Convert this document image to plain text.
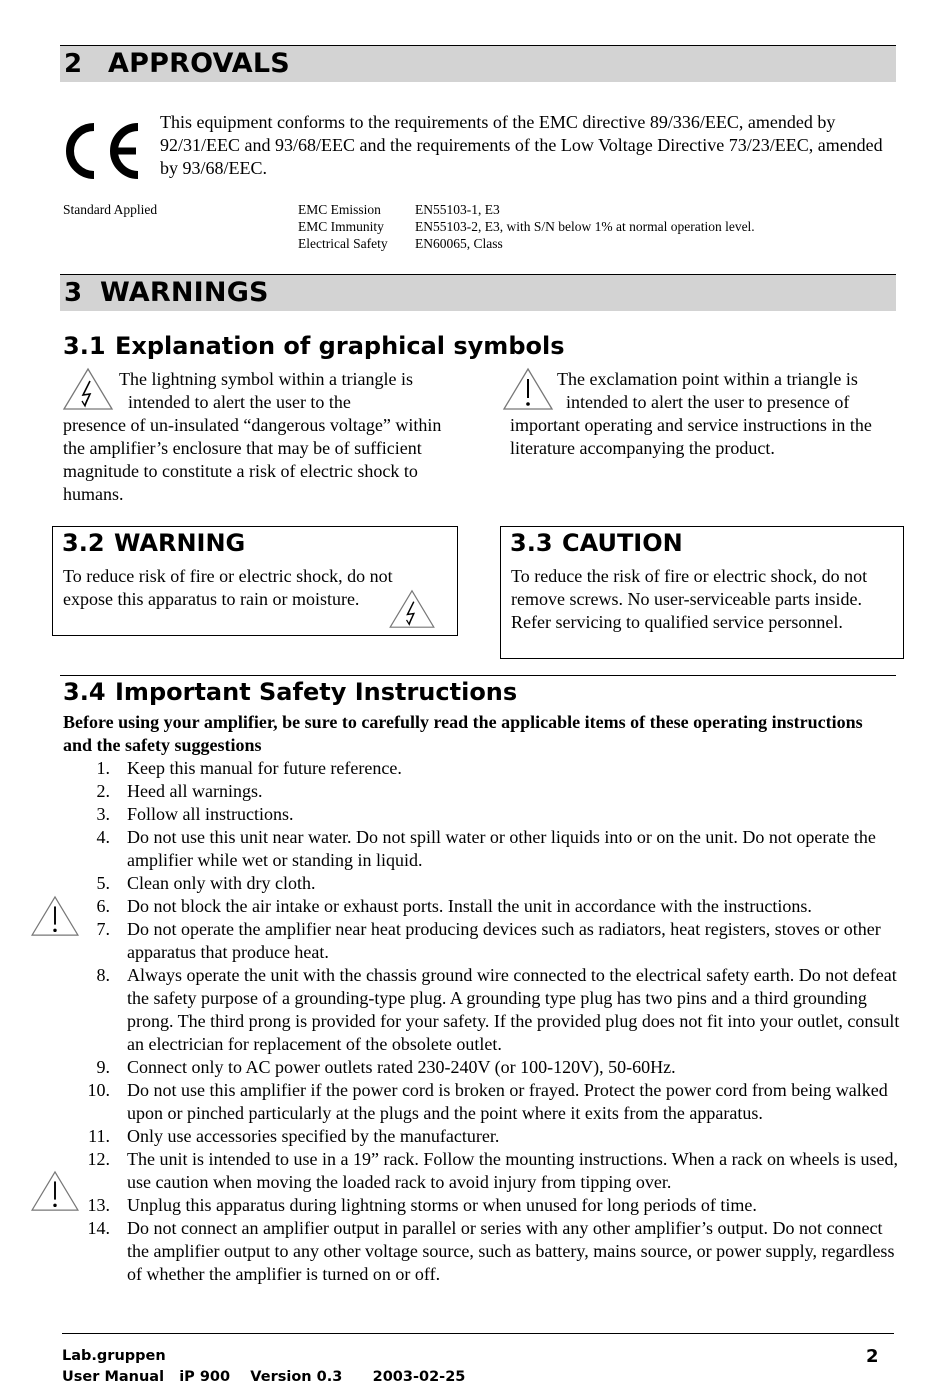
2 APPROVALS
This equipment conforms to the requirements of the EMC directive 89/336/EEC, amended by 92/31/EEC and 93/68/EEC and the requirements of the Low Voltage Directive 73/23/EEC, amended by 93/68/EEC.
Standard Applied	EMC Emission
EMC Immunity
Electrical Safety
EN55103-1, E3
EN55103-2, E3, with S/N below 1% at normal operation level.
EN60065, Class
3 WARNINGS
3.1 Explanation of graphical symbols
The lightning symbol within a triangle is
intended to alert the user to the
presence of un-insulated “dangerous voltage” within the amplifier’s enclosure that may be of sufficient magnitude to constitute a risk of electric shock to humans.
The exclamation point within a triangle is
intended to alert the user to presence of
important operating and service instructions in the literature accompanying the product.
3.2 WARNING
To reduce risk of fire or electric shock, do not expose this apparatus to rain or moisture.
3.3 CAUTION
To reduce the risk of fire or electric shock, do not remove screws. No user-serviceable parts inside. Refer servicing to qualified service personnel.
3.4 Important Safety Instructions
Before using your amplifier, be sure to carefully read the applicable items of these operating instructions and the safety suggestions
1. Keep this manual for future reference.
2. Heed all warnings.
3. Follow all instructions.
4. Do not use this unit near water. Do not spill water or other liquids into or on the unit. Do not operate the amplifier while wet or standing in liquid.
5. Clean only with dry cloth.
6. Do not block the air intake or exhaust ports. Install the unit in accordance with the instructions.
7. Do not operate the amplifier near heat producing devices such as radiators, heat registers, stoves or other apparatus that produce heat.
8. Always operate the unit with the chassis ground wire connected to the electrical safety earth. Do not defeat the safety purpose of a grounding-type plug. A grounding type plug has two pins and a third grounding prong. The third prong is provided for your safety. If the provided plug does not fit into your outlet, consult an electrician for replacement of the obsolete outlet.
9. Connect only to AC power outlets rated 230-240V (or 100-120V), 50-60Hz.
10. Do not use this amplifier if the power cord is broken or frayed. Protect the power cord from being walked upon or pinched particularly at the plugs and the point where it exits from the apparatus.
11. Only use accessories specified by the manufacturer.
12. The unit is intended to use in a 19” rack. Follow the mounting instructions. When a rack on wheels is used, use caution when moving the loaded rack to avoid injury from tipping over.
13. Unplug this apparatus during lightning storms or when unused for long periods of time.
14. Do not connect an amplifier output in parallel or series with any other amplifier’s output. Do not connect the amplifier output to any other voltage source, such as battery, mains source, or power supply, regardless of whether the amplifier is turned on or off.
Lab.gruppen
User Manual   iP 900    Version 0.3      2003-02-25
2
